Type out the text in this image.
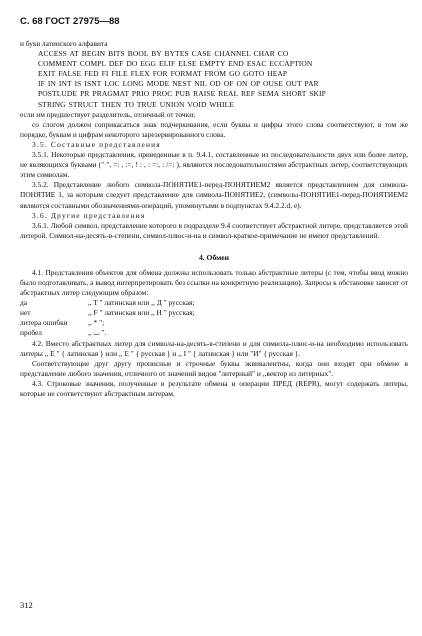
С. 68 ГОСТ 27975—88

и букв латинского алфавита

ACCESS AT BEGIN BITS BOOL BY BYTES CASE CHANNEL CHAR CO
COMMENT COMPL DEF DO EGG ELIF ELSE EMPTY END ESAC ECCAPTION
EXIT FALSE FED FI FILE FLEX FOR FORMAT FROM GO GOTO HEAP
IF IN INT IS ISNT LOC LONG MODE NEST NIL OD OF ON OP OUSE OUT PAR
POSTLUDE PR PRAGMAT PRIO PROC PUB RAISE REAL REF SEMA SHORT SKIP
STRING STRUCT THEN TO TRUE UNION VOID WHILE

если им предшествует разделитель, отличный от точки;

со слогом должен соприкасаться знак подчеркивания, если буквы и цифры этого слова соответствуют, в том же порядке, буквам и цифрам некоторого зарезервированного слова.

3.5. Составные представления

3.5.1. Некоторые представления, приведенные в п. 9.4.1, составленные из последовательности двух или более литер, не являющихся буквами (" ", =: , :=, ! : , : =:, : /=: ), являются последовательностями абстрактных литер, соответствующих этим символам.

3.5.2. Представление любого символа-ПОНЯТИЕ1-перед-ПОНЯТИЕМ2 является представлением для символа-ПОНЯТИЕ 1, за которым следует представление для символа-ПОНЯТИЕ2, (символы-ПОНЯТИЕ1-перед-ПОНЯТИЕМ2 являются составными обозначениями-операций, упомянутыми в подпунктах 9.4.2.2.d, e).

3.6. Другие представления

3.6.1. Любой символ, представление которого в подразделе 9.4 соответствует абстрактной литере, представляется этой литерой. Символ-на-десять-в-степени, символ-плюс-и-на и символ-краткое-примечание не имеют представлений.

4. Обмен

4.1. Представления объектов для обмена должны использовать только абстрактные литеры (с тем, чтобы ввод можно было подготавливать, а вывод интерпретировать без ссылки на конкретную реализацию). Запросы к обстановке зависят от абстрактных литер следующим образом:

да	,, T " латинская или ,, Д " русская;
нет	,, F " латинская или ,, Н " русская;
литера ошибки	,, * ";
пробел	,, ⌴ ".

4.2. Вместо абстрактных литер для символа-на-десять-в-степени и для символа-плюс-и-на необходимо использовать литеры ,, E " { латинская } или ,, E " { русская } и ,, I " { латинская } или "И" { русская }.

Соответствующие друг другу прописные и строчные буквы эквивалентны, когда они входят при обмене в представление любого значения, отличного от значений видов "литерный" и ,,вектор из литерных".

4.3. Строковые значения, полученные в результате обмена и операции ПРЕД (REPR), могут содержать литеры, которые не соответствуют абстрактным литерам.

312
